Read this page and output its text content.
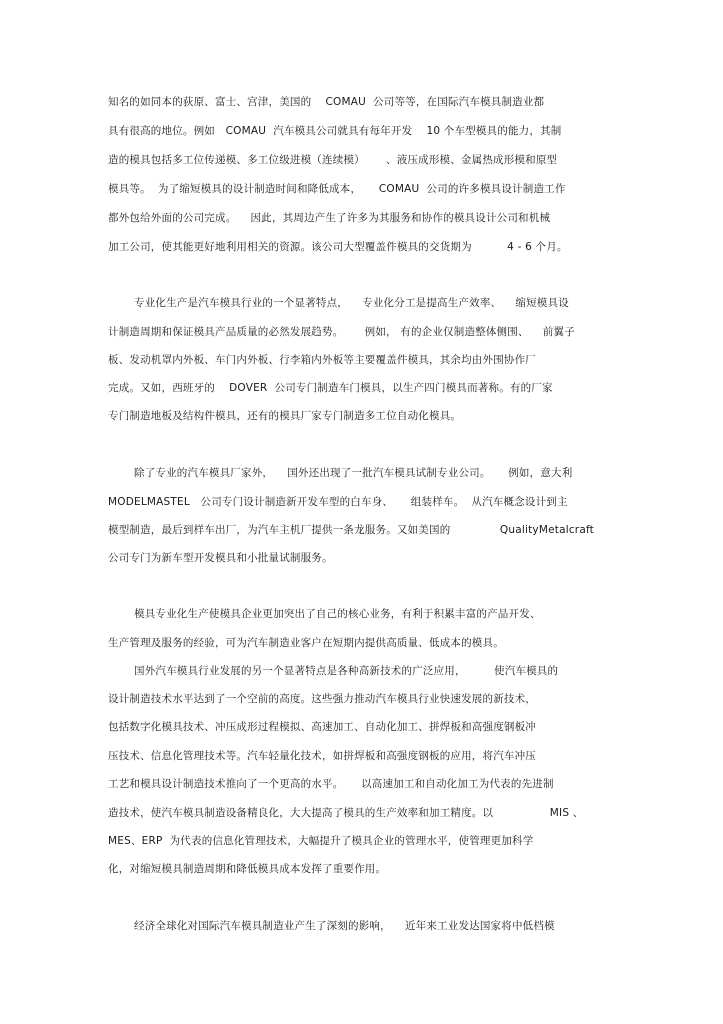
知名的如同本的荻原、富士、宫津，美国的    COMAU  公司等等，在国际汽车模具制造业都
具有很高的地位。例如   COMAU  汽车模具公司就具有每年开发    10 个车型模具的能力，其制
造的模具包括多工位传递模、多工位级进模（连续模）      、液压成形模、金属热成形模和原型
模具等。  为了缩短模具的设计制造时间和降低成本，     COMAU  公司的许多模具设计制造工作
都外包给外面的公司完成。    因此，其周边产生了许多为其服务和协作的模具设计公司和机械
加工公司，使其能更好地利用相关的资源。该公司大型覆盖件模具的交货期为          4 - 6 个月。
专业化生产是汽车模具行业的一个显著特点，    专业化分工是提高生产效率、    缩短模具设
计制造周期和保证模具产品质量的必然发展趋势。      例如， 有的企业仅制造整体侧围、    前翼子
板、发动机罩内外板、车门内外板、行李箱内外板等主要覆盖件模具，其余均由外围协作厂
完成。又如，西班牙的    DOVER  公司专门制造车门模具，以生产四门模具而著称。有的厂家
专门制造地板及结构件模具，还有的模具厂家专门制造多工位自动化模具。
除了专业的汽车模具厂家外，    国外还出现了一批汽车模具试制专业公司。     例如，意大利
MODELMASTEL   公司专门设计制造新开发车型的白车身、     组装样车。  从汽车概念设计到主
模型制造，最后到样车出厂，为汽车主机厂提供一条龙服务。又如美国的              QualityMetalcraft
公司专门为新车型开发模具和小批量试制服务。
模具专业化生产使模具企业更加突出了自己的核心业务，有利于积累丰富的产品开发、
生产管理及服务的经验，可为汽车制造业客户在短期内提供高质量、低成本的模具。
国外汽车模具行业发展的另一个显著特点是各种高新技术的广泛应用，        使汽车模具的
设计制造技术水平达到了一个空前的高度。这些强力推动汽车模具行业快速发展的新技术，
包括数字化模具技术、冲压成形过程模拟、高速加工、自动化加工、拼焊板和高强度钢板冲
压技术、信息化管理技术等。汽车轻量化技术，如拼焊板和高强度钢板的应用，将汽车冲压
工艺和模具设计制造技术推向了一个更高的水平。     以高速加工和自动化加工为代表的先进制
造技术，使汽车模具制造设备精良化，大大提高了模具的生产效率和加工精度。以                MIS 、
MES、ERP  为代表的信息化管理技术，大幅提升了模具企业的管理水平，使管理更加科学
化，对缩短模具制造周期和降低模具成本发挥了重要作用。
经济全球化对国际汽车模具制造业产生了深刻的影响，    近年来工业发达国家将中低档模
